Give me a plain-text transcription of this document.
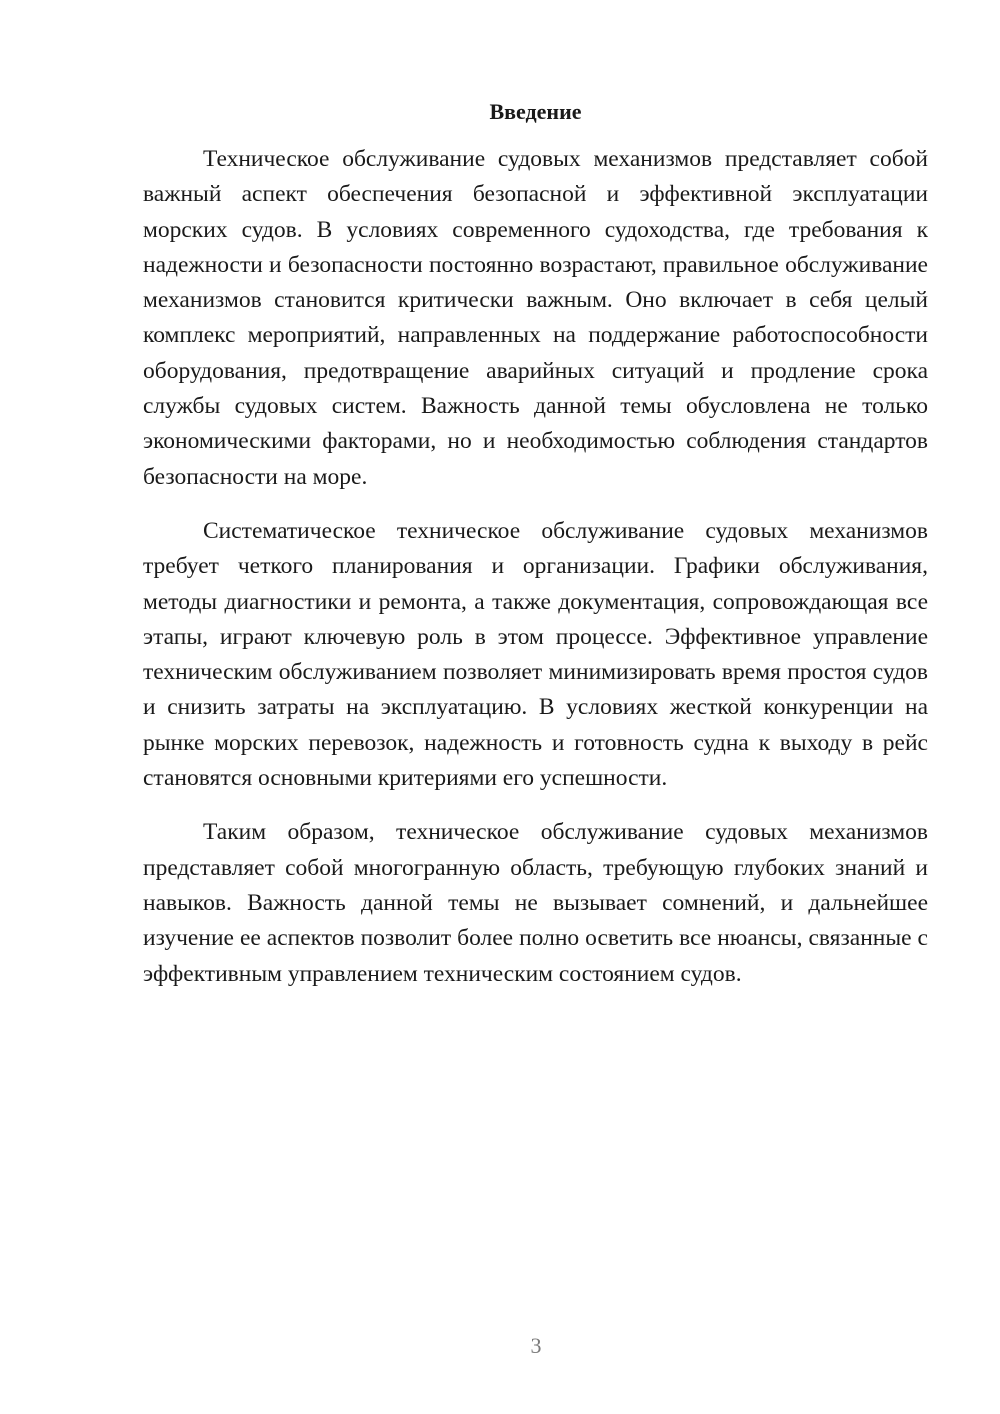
Введение

Техническое обслуживание судовых механизмов представляет собой важный аспект обеспечения безопасной и эффективной эксплуатации морских судов. В условиях современного судоходства, где требования к надежности и безопасности постоянно возрастают, правильное обслуживание механизмов становится критически важным. Оно включает в себя целый комплекс мероприятий, направленных на поддержание работоспособности оборудования, предотвращение аварийных ситуаций и продление срока службы судовых систем. Важность данной темы обусловлена не только экономическими факторами, но и необходимостью соблюдения стандартов безопасности на море.

Систематическое техническое обслуживание судовых механизмов требует четкого планирования и организации. Графики обслуживания, методы диагностики и ремонта, а также документация, сопровождающая все этапы, играют ключевую роль в этом процессе. Эффективное управление техническим обслуживанием позволяет минимизировать время простоя судов и снизить затраты на эксплуатацию. В условиях жесткой конкуренции на рынке морских перевозок, надежность и готовность судна к выходу в рейс становятся основными критериями его успешности.

Таким образом, техническое обслуживание судовых механизмов представляет собой многогранную область, требующую глубоких знаний и навыков. Важность данной темы не вызывает сомнений, и дальнейшее изучение ее аспектов позволит более полно осветить все нюансы, связанные с эффективным управлением техническим состоянием судов.

3
